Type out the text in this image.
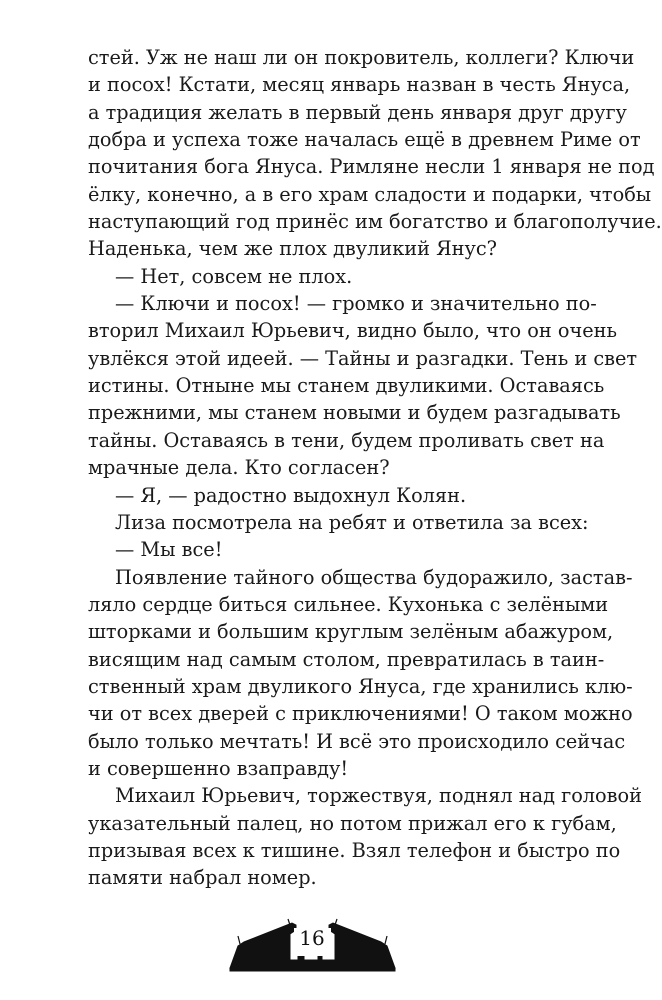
стей. Уж не наш ли он покровитель, коллеги? Ключи
и посох! Кстати, месяц январь назван в честь Януса,
а традиция желать в первый день января друг другу
добра и успеха тоже началась ещё в древнем Риме от
почитания бога Януса. Римляне несли 1 января не под
ёлку, конечно, а в его храм сладости и подарки, чтобы
наступающий год принёс им богатство и благополучие.
Наденька, чем же плох двуликий Янус?
— Нет, совсем не плох.
— Ключи и посох! — громко и значительно по-
вторил Михаил Юрьевич, видно было, что он очень
увлёкся этой идеей. — Тайны и разгадки. Тень и свет
истины. Отныне мы станем двуликими. Оставаясь
прежними, мы станем новыми и будем разгадывать
тайны. Оставаясь в тени, будем проливать свет на
мрачные дела. Кто согласен?
— Я, — радостно выдохнул Колян.
Лиза посмотрела на ребят и ответила за всех:
— Мы все!
Появление тайного общества будоражило, застав-
ляло сердце биться сильнее. Кухонька с зелёными
шторками и большим круглым зелёным абажуром,
висящим над самым столом, превратилась в таин-
ственный храм двуликого Януса, где хранились клю-
чи от всех дверей с приключениями! О таком можно
было только мечтать! И всё это происходило сейчас
и совершенно взаправду!
Михаил Юрьевич, торжествуя, поднял над головой
указательный палец, но потом прижал его к губам,
призывая всех к тишине. Взял телефон и быстро по
памяти набрал номер.
16
